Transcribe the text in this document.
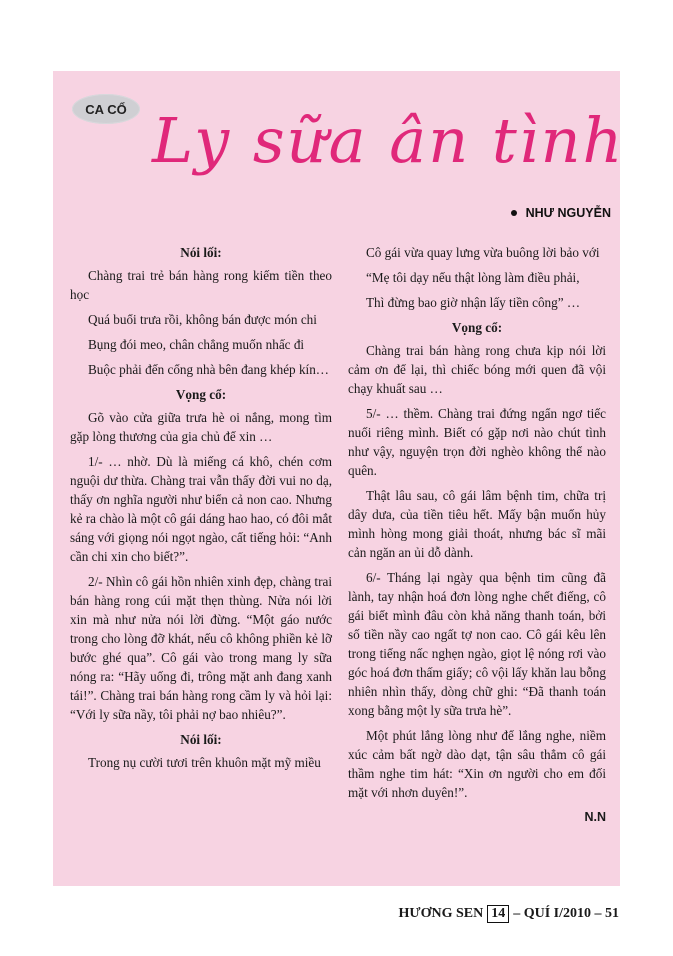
CA CỔ Ly sữa ân tình
NHƯ NGUYỄN
Nói lối:

Chàng trai trẻ bán hàng rong kiếm tiền theo học

Quá buổi trưa rồi, không bán được món chi

Bụng đói meo, chân chẳng muốn nhấc đi

Buộc phải đến cổng nhà bên đang khép kín…

Vọng cổ:

Gõ vào cửa giữa trưa hè oi nắng, mong tìm gặp lòng thương của gia chủ để xin …

1/- … nhờ. Dù là miếng cá khô, chén cơm nguội dư thừa. Chàng trai vẫn thấy đời vui no dạ, thấy ơn nghĩa người như biển cả non cao. Nhưng kẻ ra chào là một cô gái dáng hao hao, có đôi mắt sáng với giọng nói ngọt ngào, cất tiếng hỏi: “Anh cần chi xin cho biết?”.

2/- Nhìn cô gái hồn nhiên xinh đẹp, chàng trai bán hàng rong cúi mặt thẹn thùng. Nửa nói lời xin mà như nửa nói lời đừng. “Một gáo nước trong cho lòng đỡ khát, nếu cô không phiền kẻ lỡ bước ghé qua”. Cô gái vào trong mang ly sữa nóng ra: “Hãy uống đi, trông mặt anh đang xanh tái!”. Chàng trai bán hàng rong cầm ly và hỏi lại: “Với ly sữa nầy, tôi phải nợ bao nhiêu?”.

Nói lối:

Trong nụ cười tươi trên khuôn mặt mỹ miều

Cô gái vừa quay lưng vừa buông lời bảo với

“Mẹ tôi dạy nếu thật lòng làm điều phải,

Thì đừng bao giờ nhận lấy tiền công” …

Vọng cổ:

Chàng trai bán hàng rong chưa kịp nói lời cảm ơn để lại, thì chiếc bóng mới quen đã vội chạy khuất sau …

5/- … thềm. Chàng trai đứng ngẩn ngơ tiếc nuối riêng mình. Biết có gặp nơi nào chút tình như vậy, nguyện trọn đời nghèo không thể nào quên.

Thật lâu sau, cô gái lâm bệnh tim, chữa trị dây dưa, của tiền tiêu hết. Mấy bận muốn hủy mình hòng mong giải thoát, nhưng bác sĩ mãi cản ngăn an ủi dỗ dành.

6/- Tháng lại ngày qua bệnh tim cũng đã lành, tay nhận hoá đơn lòng nghe chết điếng, cô gái biết mình đâu còn khả năng thanh toán, bởi số tiền nầy cao ngất tợ non cao. Cô gái kêu lên trong tiếng nấc nghẹn ngào, giọt lệ nóng rơi vào góc hoá đơn thấm giấy; cô vội lấy khăn lau bỗng nhiên nhìn thấy, dòng chữ ghi: “Đã thanh toán xong bằng một ly sữa trưa hè”.

Một phút lắng lòng như để lắng nghe, niềm xúc cảm bất ngờ dào dạt, tận sâu thẳm cô gái thầm nghe tim hát: “Xin ơn người cho em đối mặt với nhơn duyên!”.

N.N
HƯƠNG SEN 14 – QUÍ I/2010 – 51
